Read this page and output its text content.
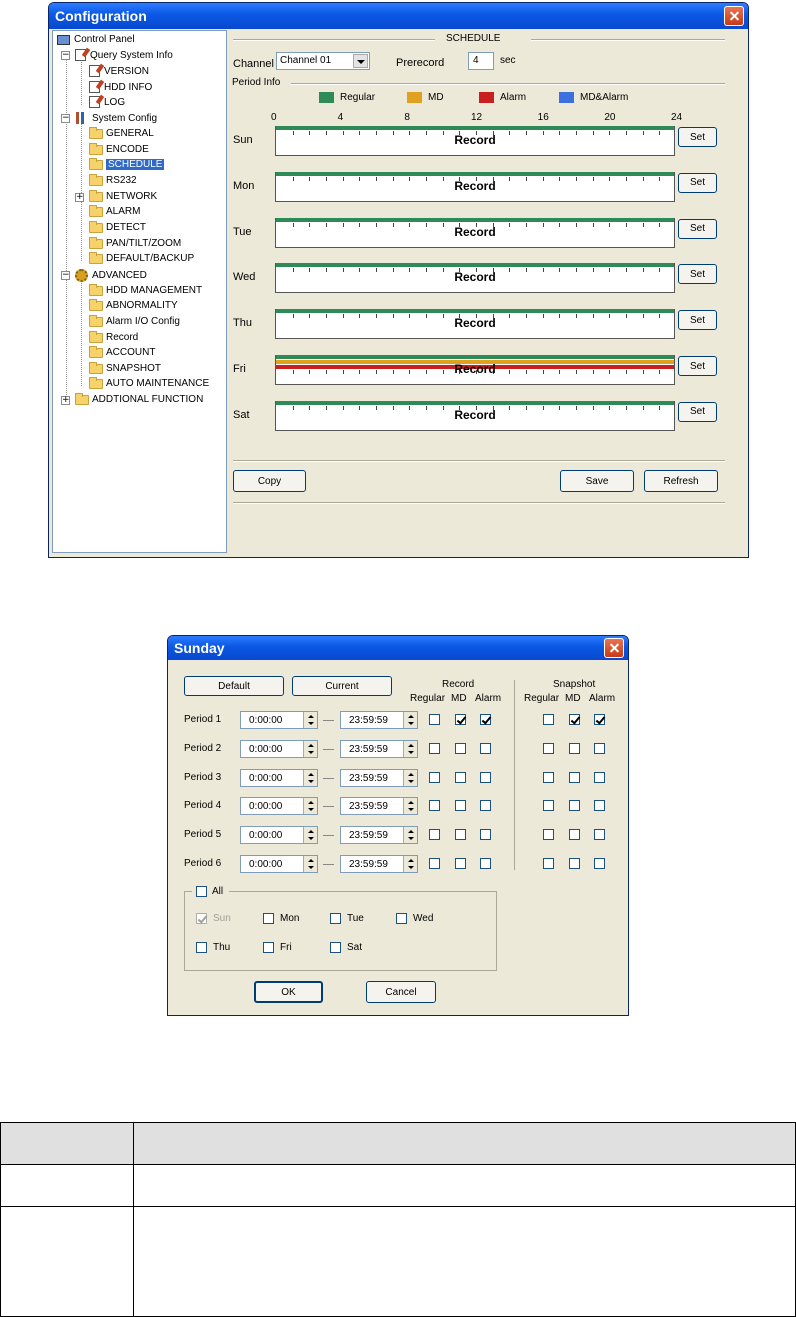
Configuration
Control Panel
Query System Info
−
VERSION
HDD INFO
LOG
System Config
−
GENERAL
ENCODE
SCHEDULE
RS232
NETWORK
+
ALARM
DETECT
PAN/TILT/ZOOM
DEFAULT/BACKUP
ADVANCED
−
HDD MANAGEMENT
ABNORMALITY
Alarm I/O Config
Record
ACCOUNT
SNAPSHOT
AUTO MAINTENANCE
ADDTIONAL FUNCTION
+
SCHEDULE
Channel Channel 01	Prerecord	4	sec
Period Info
Regular	MD	Alarm	MD&Alarm
0	4	8	12	16	20	24
Copy	Save	Refresh
Sun	Record	Set
Mon	Record	Set
Tue	Record	Set
Wed	Record	Set
Thu	Record	Set
Fri	Record	Set
Sat	Record	Set
Sunday
Default	Current	Record
Regular MD Alarm
Snapshot
Regular MD Alarm
All
OK	Cancel
Period 1	0:00:00	23:59:59
Period 2	0:00:00	23:59:59
Period 3	0:00:00	23:59:59
Period 4	0:00:00	23:59:59
Period 5	0:00:00	23:59:59
Period 6	0:00:00	23:59:59
Sun	Mon	Tue	Wed
Thu	Fri	Sat
